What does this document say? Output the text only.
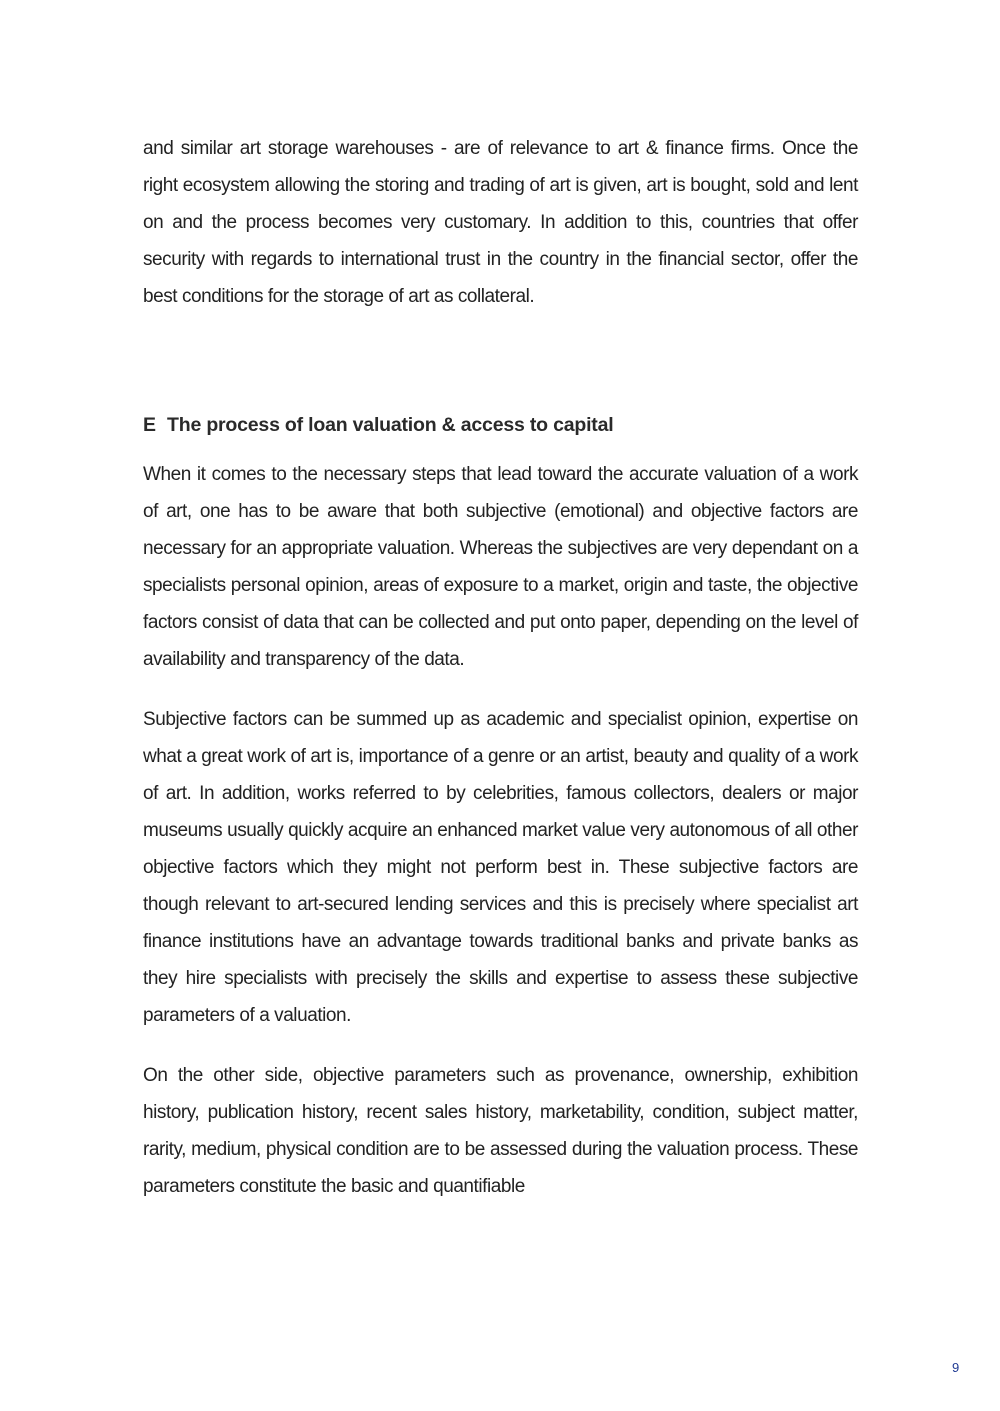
and similar art storage warehouses - are of relevance to art & finance firms. Once the right ecosystem allowing the storing and trading of art is given, art is bought, sold and lent on and the process becomes very customary. In addition to this, countries that offer security with regards to international trust in the country in the financial sector, offer the best conditions for the storage of art as collateral.

E The process of loan valuation & access to capital

When it comes to the necessary steps that lead toward the accurate valuation of a work of art, one has to be aware that both subjective (emotional) and objective factors are necessary for an appropriate valuation. Whereas the subjectives are very dependant on a specialists personal opinion, areas of exposure to a market, origin and taste, the objective factors consist of data that can be collected and put onto paper, depending on the level of availability and transparency of the data.

Subjective factors can be summed up as academic and specialist opinion, expertise on what a great work of art is, importance of a genre or an artist, beauty and quality of a work of art. In addition, works referred to by celebrities, famous collectors, dealers or major museums usually quickly acquire an enhanced market value very autonomous of all other objective factors which they might not perform best in. These subjective factors are though relevant to art-secured lending services and this is precisely where specialist art finance institutions have an advantage towards traditional banks and private banks as they hire specialists with precisely the skills and expertise to assess these subjective parameters of a valuation.

On the other side, objective parameters such as provenance, ownership, exhibition history, publication history, recent sales history, marketability, condition, subject matter, rarity, medium, physical condition are to be assessed during the valuation process. These parameters constitute the basic and quantifiable

9
